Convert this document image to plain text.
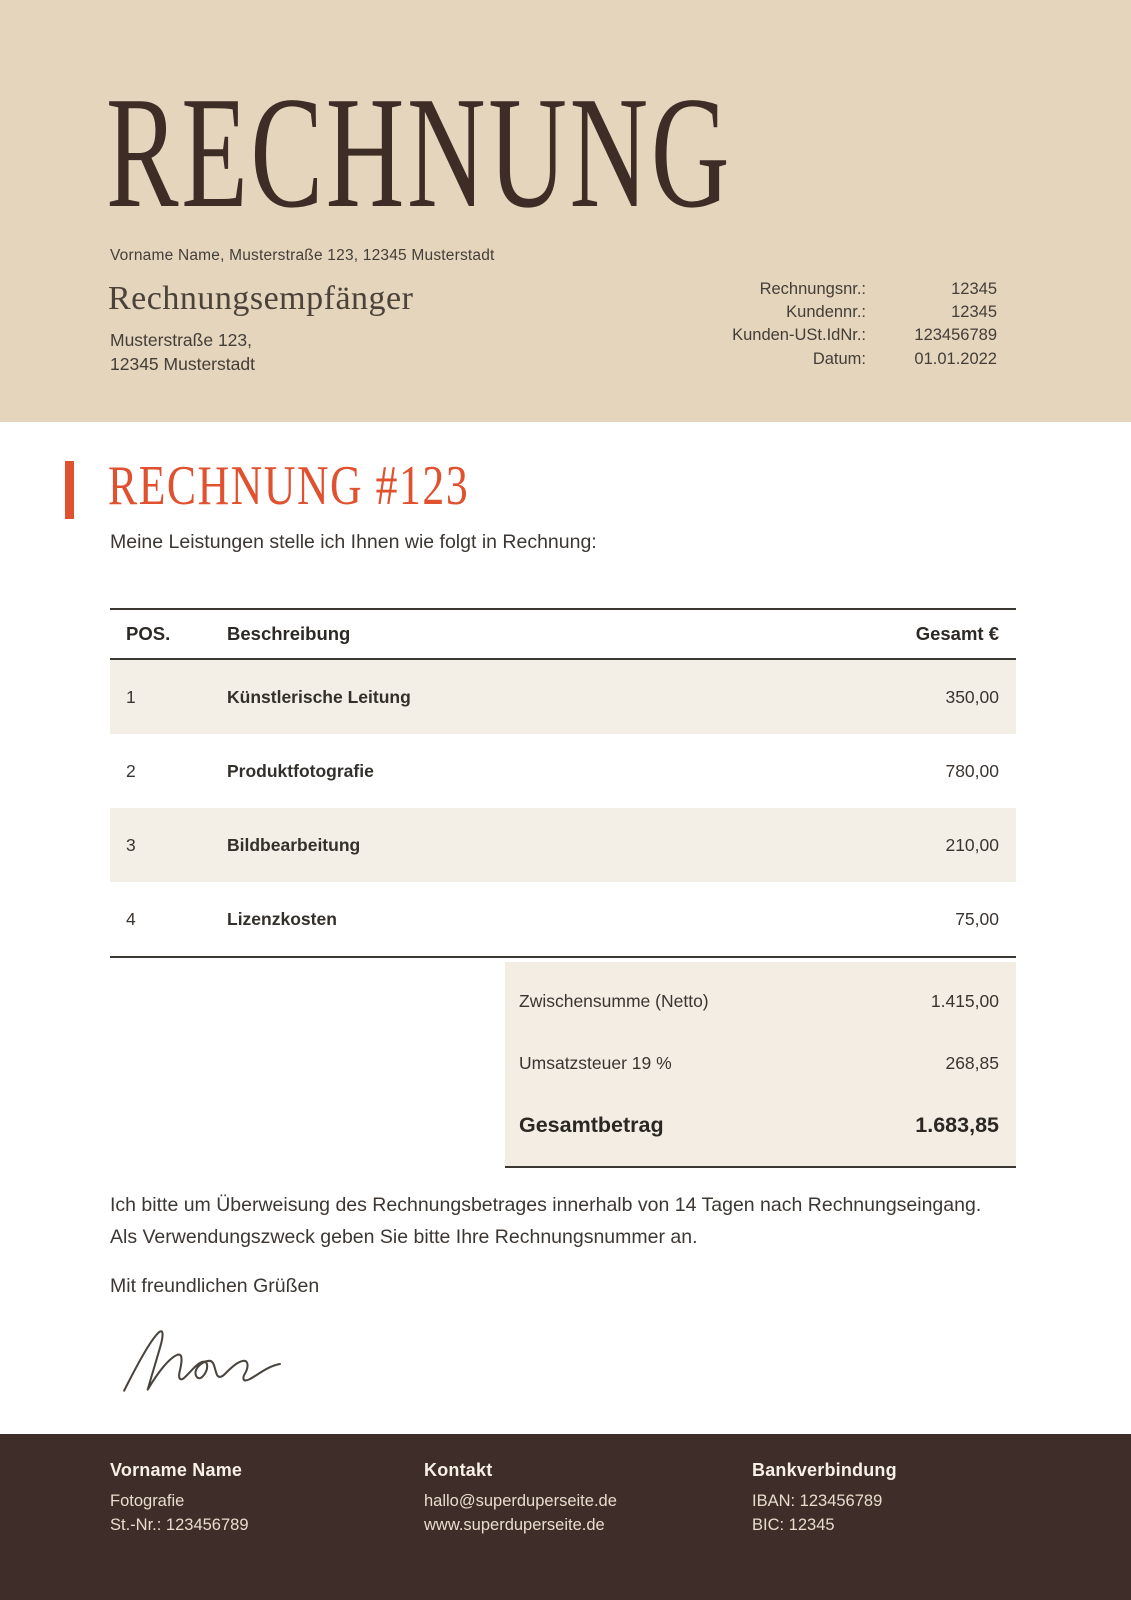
RECHNUNG
Vorname Name, Musterstraße 123, 12345 Musterstadt
Rechnungsempfänger
Musterstraße 123,
12345 Musterstadt
Rechnungsnr.:	12345
Kundennr.:	12345
Kunden-USt.IdNr.:	123456789
Datum:	01.01.2022
RECHNUNG #123

Meine Leistungen stelle ich Ihnen wie folgt in Rechnung:

POS.	Beschreibung	Gesamt €
1	Künstlerische Leitung	350,00
2	Produktfotografie	780,00
3	Bildbearbeitung	210,00
4	Lizenzkosten	75,00
Zwischensumme (Netto)	1.415,00
Umsatzsteuer 19 %	268,85
Gesamtbetrag	1.683,85

Ich bitte um Überweisung des Rechnungsbetrages innerhalb von 14 Tagen nach Rechnungseingang. Als Verwendungszweck geben Sie bitte Ihre Rechnungsnummer an.

Mit freundlichen Grüßen

Vorname Name
Fotografie
St.-Nr.: 123456789
Kontakt
hallo@superduperseite.de
www.superduperseite.de
Bankverbindung
IBAN: 123456789
BIC: 12345
